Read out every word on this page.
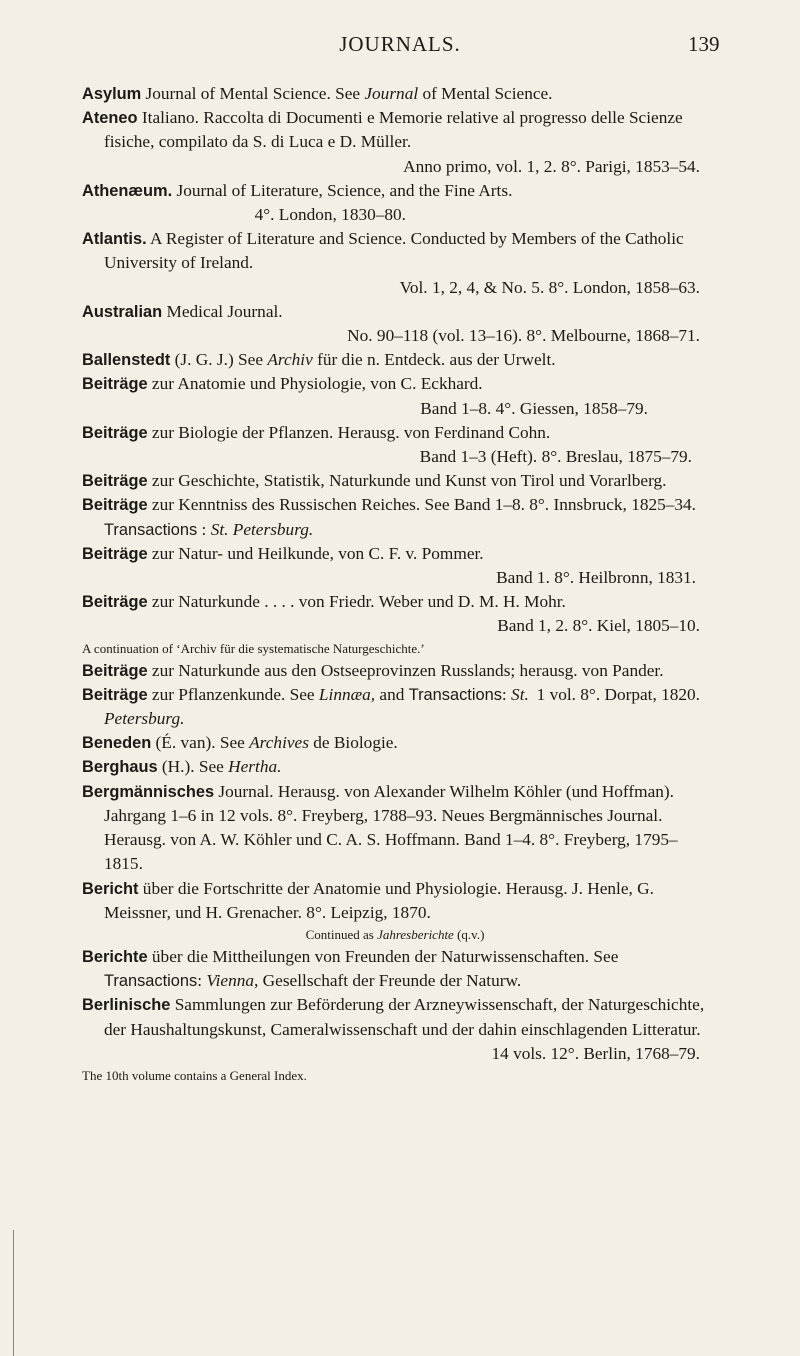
JOURNALS.	139

Asylum Journal of Mental Science. See Journal of Mental Science.

Ateneo Italiano. Raccolta di Documenti e Memorie relative al progresso delle Scienze fisiche, compilato da S. di Luca e D. Müller.
Anno primo, vol. 1, 2. 8°. Parigi, 1853–54.

Athenæum. Journal of Literature, Science, and the Fine Arts.
4°. London, 1830–80.

Atlantis. A Register of Literature and Science. Conducted by Members of the Catholic University of Ireland.
Vol. 1, 2, 4, & No. 5. 8°. London, 1858–63.

Australian Medical Journal.
No. 90–118 (vol. 13–16). 8°. Melbourne, 1868–71.

Ballenstedt (J. G. J.) See Archiv für die n. Entdeck. aus der Urwelt.

Beiträge zur Anatomie und Physiologie, von C. Eckhard.
Band 1–8. 4°. Giessen, 1858–79.

Beiträge zur Biologie der Pflanzen. Herausg. von Ferdinand Cohn.
Band 1–3 (Heft). 8°. Breslau, 1875–79.

Beiträge zur Geschichte, Statistik, Naturkunde und Kunst von Tirol und Vorarlberg.
Band 1–8. 8°. Innsbruck, 1825–34.

Beiträge zur Kenntniss des Russischen Reiches. See Transactions : St. Petersburg.

Beiträge zur Natur- und Heilkunde, von C. F. v. Pommer.
Band 1. 8°. Heilbronn, 1831.

Beiträge zur Naturkunde . . . . von Friedr. Weber und D. M. H. Mohr.
Band 1, 2. 8°. Kiel, 1805–10.
A continuation of ‘Archiv für die systematische Naturgeschichte.’

Beiträge zur Naturkunde aus den Ostseeprovinzen Russlands; herausg. von Pander.
1 vol. 8°. Dorpat, 1820.

Beiträge zur Pflanzenkunde. See Linnæa, and Transactions: St. Petersburg.

Beneden (É. van). See Archives de Biologie.

Berghaus (H.). See Hertha.

Bergmännisches Journal. Herausg. von Alexander Wilhelm Köhler (und Hoffman). Jahrgang 1–6 in 12 vols. 8°. Freyberg, 1788–93. Neues Bergmännisches Journal. Herausg. von A. W. Köhler und C. A. S. Hoffmann. Band 1–4. 8°. Freyberg, 1795–1815.

Bericht über die Fortschritte der Anatomie und Physiologie. Herausg. J. Henle, G. Meissner, und H. Grenacher. 8°. Leipzig, 1870.
Continued as Jahresberichte (q.v.)

Berichte über die Mittheilungen von Freunden der Naturwissenschaften. See Transactions: Vienna, Gesellschaft der Freunde der Naturw.

Berlinische Sammlungen zur Beförderung der Arzneywissenschaft, der Naturgeschichte, der Haushaltungskunst, Cameralwissenschaft und der dahin einschlagenden Litteratur.
14 vols. 12°. Berlin, 1768–79.
The 10th volume contains a General Index.
